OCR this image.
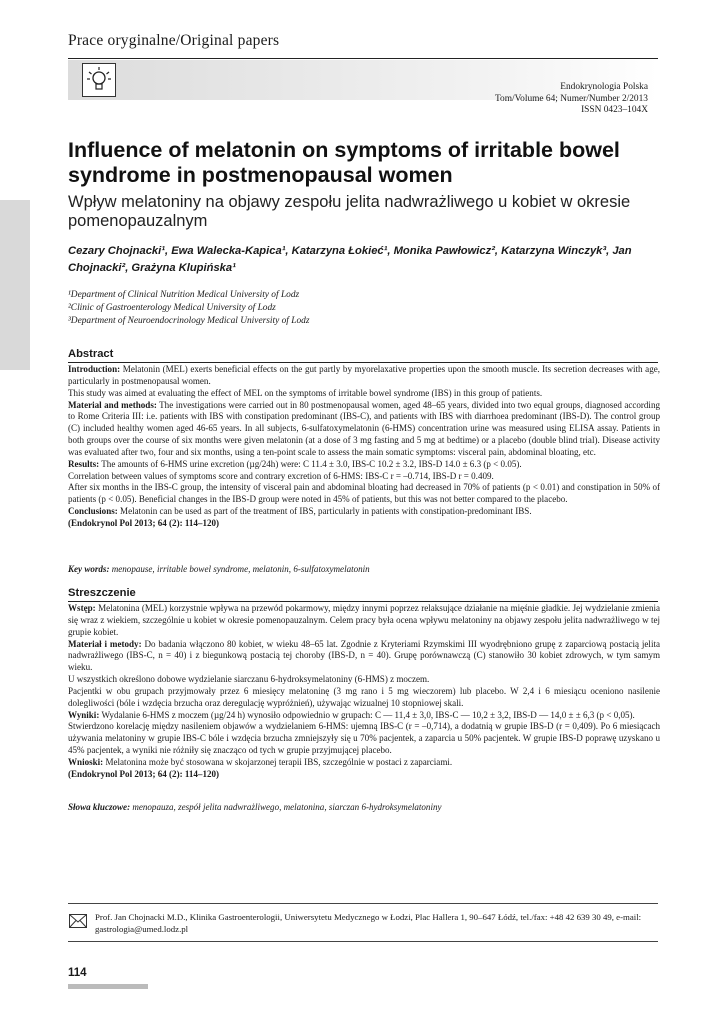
Prace oryginalne/Original papers
Endokrynologia Polska
Tom/Volume 64; Numer/Number 2/2013
ISSN 0423–104X
Influence of melatonin on symptoms of irritable bowel syndrome in postmenopausal women
Wpływ melatoniny na objawy zespołu jelita nadwrażliwego u kobiet w okresie pomenopauzalnym
Cezary Chojnacki¹, Ewa Walecka-Kapica¹, Katarzyna Łokieć¹, Monika Pawłowicz², Katarzyna Winczyk³, Jan Chojnacki², Grażyna Klupińska¹
¹Department of Clinical Nutrition Medical University of Lodz
²Clinic of Gastroenterology Medical University of Lodz
³Department of Neuroendocrinology Medical University of Lodz
Abstract

Introduction: Melatonin (MEL) exerts beneficial effects on the gut partly by myorelaxative properties upon the smooth muscle. Its secretion decreases with age, particularly in postmenopausal women.

This study was aimed at evaluating the effect of MEL on the symptoms of irritable bowel syndrome (IBS) in this group of patients.

Material and methods: The investigations were carried out in 80 postmenopausal women, aged 48–65 years, divided into two equal groups, diagnosed according to Rome Criteria III: i.e. patients with IBS with constipation predominant (IBS-C), and patients with IBS with diarrhoea predominant (IBS-D). The control group (C) included healthy women aged 46-65 years. In all subjects, 6-sulfatoxymelatonin (6-HMS) concentration urine was measured using ELISA assay. Patients in both groups over the course of six months were given melatonin (at a dose of 3 mg fasting and 5 mg at bedtime) or a placebo (double blind trial). Disease activity was evaluated after two, four and six months, using a ten-point scale to assess the main somatic symptoms: visceral pain, abdominal bloating, etc.

Results: The amounts of 6-HMS urine excretion (µg/24h) were: C 11.4 ± 3.0, IBS-C 10.2 ± 3.2, IBS-D 14.0 ± 6.3 (p < 0.05).

Correlation between values of symptoms score and contrary excretion of 6-HMS: IBS-C r = –0.714, IBS-D r = 0.409.

After six months in the IBS-C group, the intensity of visceral pain and abdominal bloating had decreased in 70% of patients (p < 0.01) and constipation in 50% of patients (p < 0.05). Beneficial changes in the IBS-D group were noted in 45% of patients, but this was not better compared to the placebo.

Conclusions: Melatonin can be used as part of the treatment of IBS, particularly in patients with constipation-predominant IBS.

(Endokrynol Pol 2013; 64 (2): 114–120)

Key words: menopause, irritable bowel syndrome, melatonin, 6-sulfatoxymelatonin
Streszczenie

Wstęp: Melatonina (MEL) korzystnie wpływa na przewód pokarmowy, między innymi poprzez relaksujące działanie na mięśnie gładkie. Jej wydzielanie zmienia się wraz z wiekiem, szczególnie u kobiet w okresie pomenopauzalnym. Celem pracy była ocena wpływu melatoniny na objawy zespołu jelita nadwrażliwego w tej grupie kobiet.

Materiał i metody: Do badania włączono 80 kobiet, w wieku 48–65 lat. Zgodnie z Kryteriami Rzymskimi III wyodrębniono grupę z zaparciową postacią jelita nadwrażliwego (IBS-C, n = 40) i z biegunkową postacią tej choroby (IBS-D, n = 40). Grupę porównawczą (C) stanowiło 30 kobiet zdrowych, w tym samym wieku.

U wszystkich określono dobowe wydzielanie siarczanu 6-hydroksymelatoniny (6-HMS) z moczem.

Pacjentki w obu grupach przyjmowały przez 6 miesięcy melatoninę (3 mg rano i 5 mg wieczorem) lub placebo. W 2,4 i 6 miesiącu oceniono nasilenie dolegliwości (bóle i wzdęcia brzucha oraz deregulację wypróżnień), używając wizualnej 10 stopniowej skali.

Wyniki: Wydalanie 6-HMS z moczem (µg/24 h) wynosiło odpowiednio w grupach: C — 11,4 ± 3,0, IBS-C — 10,2 ± 3,2, IBS-D — 14,0 ± ± 6,3 (p < 0,05).

Stwierdzono korelację między nasileniem objawów a wydzielaniem 6-HMS: ujemną IBS-C (r = –0,714), a dodatnią w grupie IBS-D (r = 0,409). Po 6 miesiącach używania melatoniny w grupie IBS-C bóle i wzdęcia brzucha zmniejszyły się u 70% pacjentek, a zaparcia u 50% pacjentek. W grupie IBS-D poprawę uzyskano u 45% pacjentek, a wyniki nie różniły się znacząco od tych w grupie przyjmującej placebo.

Wnioski: Melatonina może być stosowana w skojarzonej terapii IBS, szczególnie w postaci z zaparciami.

(Endokrynol Pol 2013; 64 (2): 114–120)

Słowa kluczowe: menopauza, zespół jelita nadwrażliwego, melatonina, siarczan 6-hydroksymelatoniny
Prof. Jan Chojnacki M.D., Klinika Gastroenterologii, Uniwersytetu Medycznego w Łodzi, Plac Hallera 1, 90–647 Łódź, tel./fax: +48 42 639 30 49, e-mail: gastrologia@umed.lodz.pl
114
